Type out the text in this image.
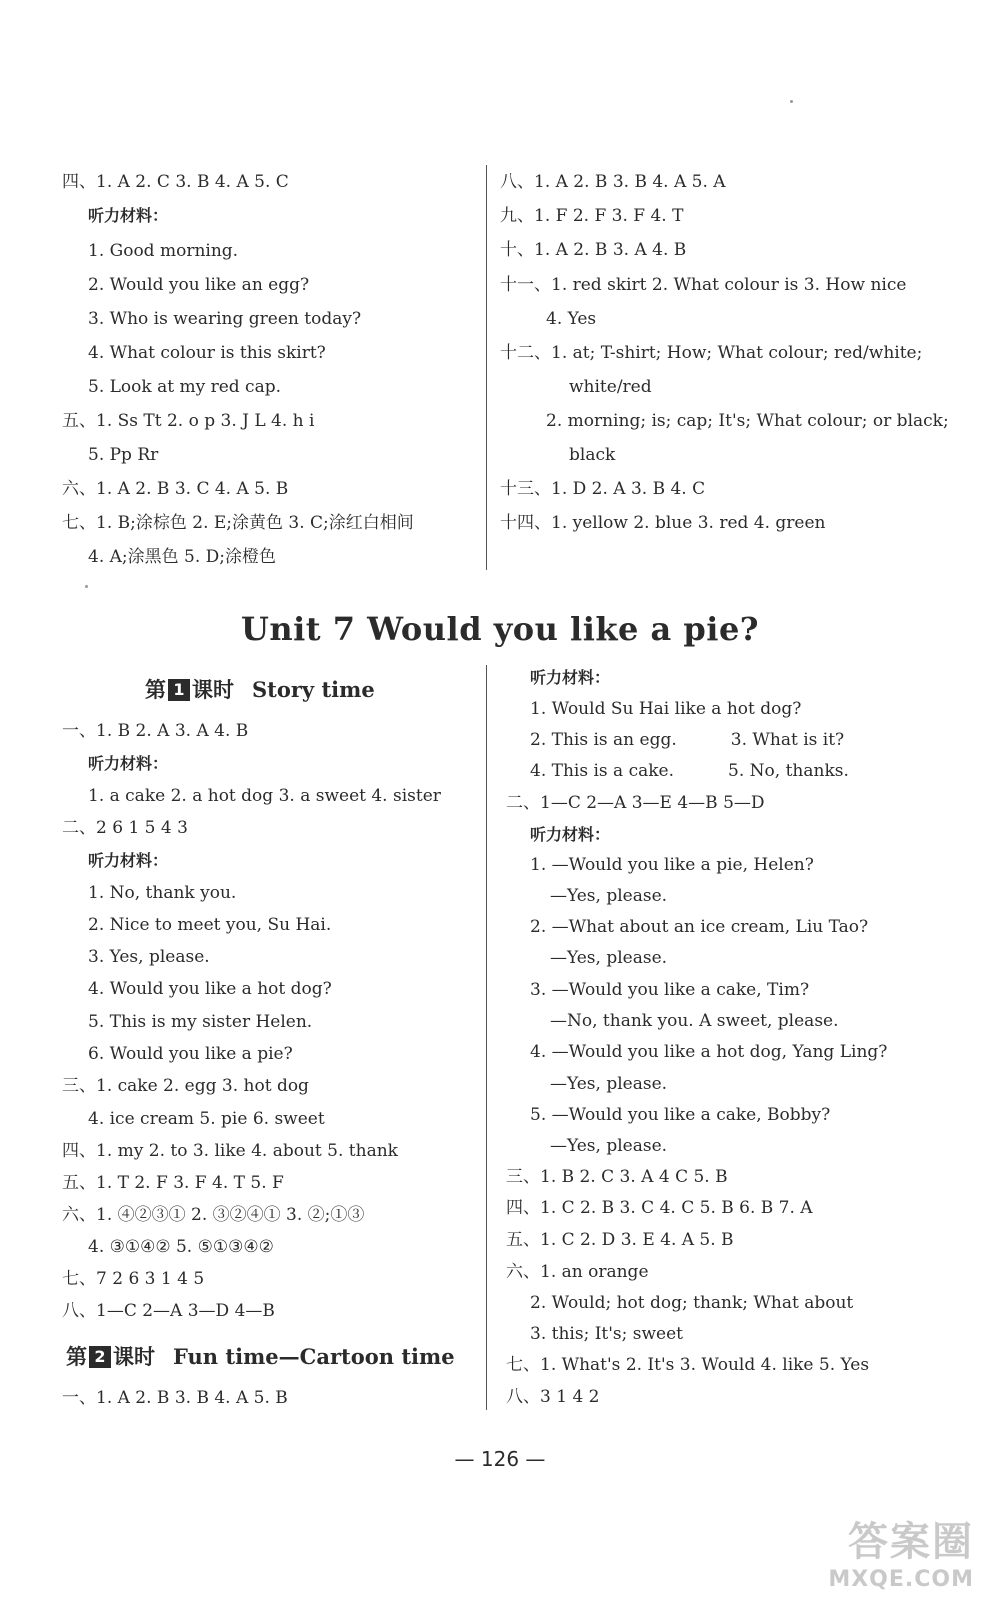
四、1. A 2. C 3. B 4. A 5. C
听力材料：
1. Good morning.
2. Would you like an egg?
3. Who is wearing green today?
4. What colour is this skirt?
5. Look at my red cap.
五、1. Ss Tt 2. o p 3. J L 4. h i
5. Pp Rr
六、1. A 2. B 3. C 4. A 5. B
七、1. B;涂棕色 2. E;涂黄色 3. C;涂红白相间
4. A;涂黑色 5. D;涂橙色
八、1. A 2. B 3. B 4. A 5. A
九、1. F 2. F 3. F 4. T
十、1. A 2. B 3. A 4. B
十一、1. red skirt 2. What colour is 3. How nice
4. Yes
十二、1. at; T-shirt; How; What colour; red/white;
white/red
2. morning; is; cap; It's; What colour; or black;
black
十三、1. D 2. A 3. B 4. C
十四、1. yellow 2. blue 3. red 4. green
Unit 7 Would you like a pie?
第 1 课时 Story time
一、1. B 2. A 3. A 4. B
听力材料：
1. a cake 2. a hot dog 3. a sweet 4. sister
二、2 6 1 5 4 3
听力材料：
1. No, thank you.
2. Nice to meet you, Su Hai.
3. Yes, please.
4. Would you like a hot dog?
5. This is my sister Helen.
6. Would you like a pie?
三、1. cake 2. egg 3. hot dog
4. ice cream 5. pie 6. sweet
四、1. my 2. to 3. like 4. about 5. thank
五、1. T 2. F 3. F 4. T 5. F
六、1. ④②③① 2. ③②④① 3. ②;①③
4. ③①④② 5. ⑤①③④②
七、7 2 6 3 1 4 5
八、1—C 2—A 3—D 4—B
第 2 课时 Fun time—Cartoon time
一、1. A 2. B 3. B 4. A 5. B
听力材料：
1. Would Su Hai like a hot dog?
2. This is an egg.          3. What is it?
4. This is a cake.          5. No, thanks.
二、1—C 2—A 3—E 4—B 5—D
听力材料：
1. —Would you like a pie, Helen?
—Yes, please.
2. —What about an ice cream, Liu Tao?
—Yes, please.
3. —Would you like a cake, Tim?
—No, thank you. A sweet, please.
4. —Would you like a hot dog, Yang Ling?
—Yes, please.
5. —Would you like a cake, Bobby?
—Yes, please.
三、1. B 2. C 3. A 4 C 5. B
四、1. C 2. B 3. C 4. C 5. B 6. B 7. A
五、1. C 2. D 3. E 4. A 5. B
六、1. an orange
2. Would; hot dog; thank; What about
3. this; It's; sweet
七、1. What's 2. It's 3. Would 4. like 5. Yes
八、3 1 4 2
— 126 —
答案圈
MXQE.COM
